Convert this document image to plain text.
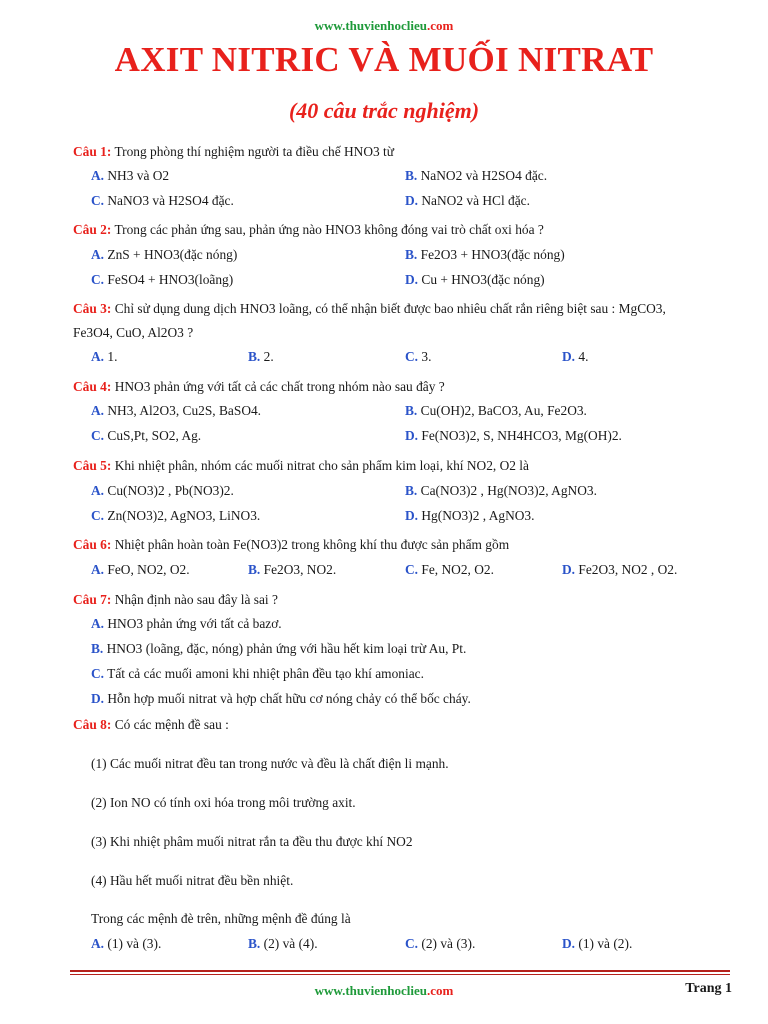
www.thuvienhoclieu.com
AXIT NITRIC VÀ MUỐI NITRAT
(40 câu trắc nghiệm)
Câu 1: Trong phòng thí nghiệm người ta điều chế HNO3 từ
A. NH3 và O2	B. NaNO2 và H2SO4 đặc.
C. NaNO3 và H2SO4 đặc.	D. NaNO2 và HCl đặc.
Câu 2: Trong các phản ứng sau, phản ứng nào HNO3 không đóng vai trò chất oxi hóa ?
A. ZnS + HNO3(đặc nóng)	B. Fe2O3 + HNO3(đặc nóng)
C. FeSO4 + HNO3(loãng)	D. Cu + HNO3(đặc nóng)
Câu 3: Chỉ sử dụng dung dịch HNO3 loãng, có thể nhận biết được bao nhiêu chất rắn riêng biệt sau : MgCO3,
Fe3O4, CuO, Al2O3 ?
A. 1.	B. 2.	C. 3.	D. 4.
Câu 4: HNO3 phản ứng với tất cả các chất trong nhóm nào sau đây ?
A. NH3, Al2O3, Cu2S, BaSO4.	B. Cu(OH)2, BaCO3, Au, Fe2O3.
C. CuS,Pt, SO2, Ag.	D. Fe(NO3)2, S, NH4HCO3, Mg(OH)2.
Câu 5: Khi nhiệt phân, nhóm các muối nitrat cho sản phẩm kim loại, khí NO2, O2 là
A. Cu(NO3)2 , Pb(NO3)2.	B. Ca(NO3)2 , Hg(NO3)2, AgNO3.
C. Zn(NO3)2, AgNO3, LiNO3.	D. Hg(NO3)2 , AgNO3.
Câu 6: Nhiệt phân hoàn toàn Fe(NO3)2 trong không khí thu được sản phẩm gồm
A. FeO, NO2, O2.	B. Fe2O3, NO2.	C. Fe, NO2, O2.	D. Fe2O3, NO2 , O2.
Câu 7: Nhận định nào sau đây là sai ?
A. HNO3 phản ứng với tất cả bazơ.
B. HNO3 (loãng, đặc, nóng) phản ứng với hầu hết kim loại trừ Au, Pt.
C. Tất cả các muối amoni khi nhiệt phân đều tạo khí amoniac.
D. Hỗn hợp muối nitrat và hợp chất hữu cơ nóng chảy có thể bốc cháy.
Câu 8: Có các mệnh đề sau :
(1) Các muối nitrat đều tan trong nước và đều là chất điện li mạnh.
(2) Ion NO có tính oxi hóa trong môi trường axit.
(3) Khi nhiệt phâm muối nitrat rắn ta đều thu được khí NO2
(4) Hầu hết muối nitrat đều bền nhiệt.
Trong các mệnh đè trên, những mệnh đề đúng là
A. (1) và (3).	B. (2) và (4).	C. (2) và (3).	D. (1) và (2).
www.thuvienhoclieu.com	Trang 1
